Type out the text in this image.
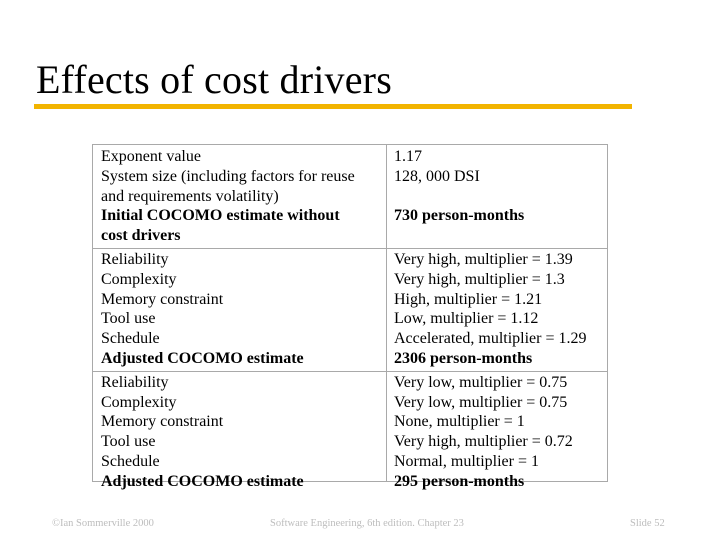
Effects of cost drivers
Exponent value
System size (including factors for reuse
and requirements volatility)
Initial COCOMO estimate without
cost drivers
1.17
128, 000 DSI
730 person-months
Reliability
Complexity
Memory constraint
Tool use
Schedule
Adjusted COCOMO estimate
Very high, multiplier = 1.39
Very high, multiplier = 1.3
High, multiplier = 1.21
Low, multiplier = 1.12
Accelerated, multiplier = 1.29
2306 person-months
Reliability
Complexity
Memory constraint
Tool use
Schedule
Adjusted COCOMO estimate
Very low, multiplier = 0.75
Very low, multiplier = 0.75
None, multiplier = 1
Very high, multiplier = 0.72
Normal, multiplier = 1
295 person-months
©Ian Sommerville 2000	Software Engineering, 6th edition. Chapter 23	Slide 52
